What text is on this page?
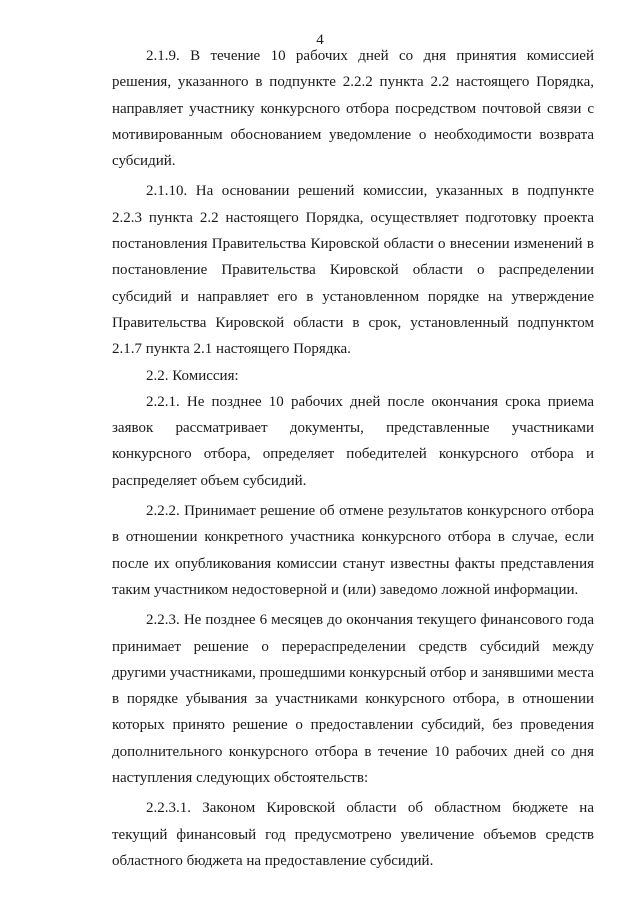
4

2.1.9. В течение 10 рабочих дней со дня принятия комиссией решения, указанного в подпункте 2.2.2 пункта 2.2 настоящего Порядка, направляет участнику конкурсного отбора посредством почтовой связи с мотивированным обоснованием уведомление о необходимости возврата субсидий.

2.1.10. На основании решений комиссии, указанных в подпункте 2.2.3 пункта 2.2 настоящего Порядка, осуществляет подготовку проекта постановления Правительства Кировской области о внесении изменений в постановление Правительства Кировской области о распределении субсидий и направляет его в установленном порядке на утверждение Правительства Кировской области в срок, установленный подпунктом 2.1.7 пункта 2.1 настоящего Порядка.

2.2. Комиссия:

2.2.1. Не позднее 10 рабочих дней после окончания срока приема заявок рассматривает документы, представленные участниками конкурсного отбора, определяет победителей конкурсного отбора и распределяет объем субсидий.

2.2.2. Принимает решение об отмене результатов конкурсного отбора в отношении конкретного участника конкурсного отбора в случае, если после их опубликования комиссии станут известны факты представления таким участником недостоверной и (или) заведомо ложной информации.

2.2.3. Не позднее 6 месяцев до окончания текущего финансового года принимает решение о перераспределении средств субсидий между другими участниками, прошедшими конкурсный отбор и занявшими места в порядке убывания за участниками конкурсного отбора, в отношении которых принято решение о предоставлении субсидий, без проведения дополнительного конкурсного отбора в течение 10 рабочих дней со дня наступления следующих обстоятельств:

2.2.3.1. Законом Кировской области об областном бюджете на текущий финансовый год предусмотрено увеличение объемов средств областного бюджета на предоставление субсидий.
